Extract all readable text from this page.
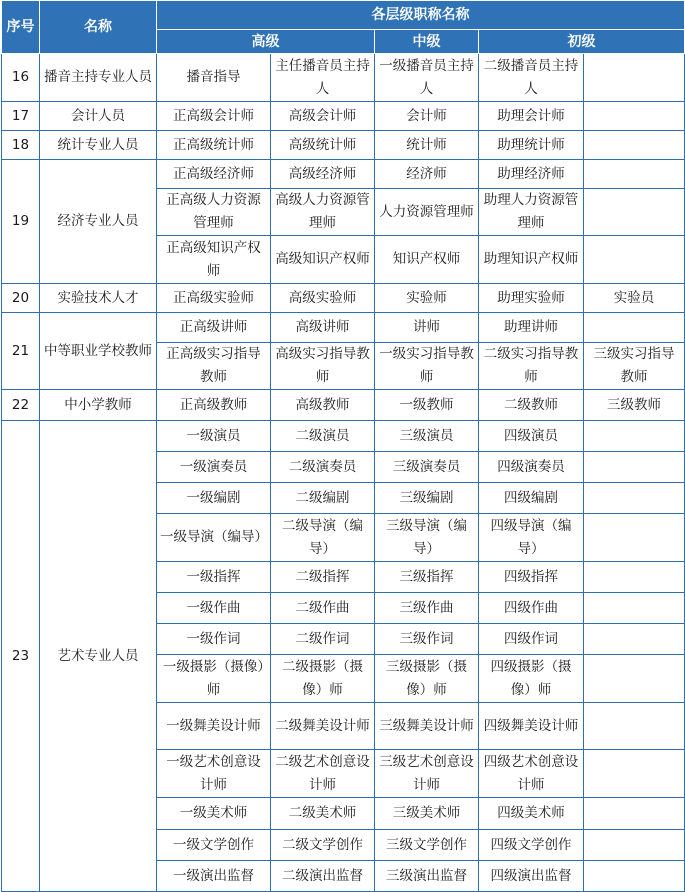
序号	名称	各层级职称名称				
		高级		中级	初级	
16	播音主持专业人员	播音指导	主任播音员主持人	一级播音员主持人	二级播音员主持人	
17	会计人员	正高级会计师	高级会计师	会计师	助理会计师	
18	统计专业人员	正高级统计师	高级统计师	统计师	助理统计师	
19	经济专业人员	正高级经济师	高级经济师	经济师	助理经济师	
		正高级人力资源管理师	高级人力资源管理师	人力资源管理师	助理人力资源管理师	
		正高级知识产权师	高级知识产权师	知识产权师	助理知识产权师	
20	实验技术人才	正高级实验师	高级实验师	实验师	助理实验师	实验员
21	中等职业学校教师	正高级讲师	高级讲师	讲师	助理讲师	
		正高级实习指导教师	高级实习指导教师	一级实习指导教师	二级实习指导教师	三级实习指导教师
22	中小学教师	正高级教师	高级教师	一级教师	二级教师	三级教师
23	艺术专业人员	一级演员	二级演员	三级演员	四级演员	
		一级演奏员	二级演奏员	三级演奏员	四级演奏员	
		一级编剧	二级编剧	三级编剧	四级编剧	
		一级导演（编导）	二级导演（编导）	三级导演（编导）	四级导演（编导）	
		一级指挥	二级指挥	三级指挥	四级指挥	
		一级作曲	二级作曲	三级作曲	四级作曲	
		一级作词	二级作词	三级作词	四级作词	
		一级摄影（摄像）师	二级摄影（摄像）师	三级摄影（摄像）师	四级摄影（摄像）师	
		一级舞美设计师	二级舞美设计师	三级舞美设计师	四级舞美设计师	
		一级艺术创意设计师	二级艺术创意设计师	三级艺术创意设计师	四级艺术创意设计师	
		一级美术师	二级美术师	三级美术师	四级美术师	
		一级文学创作	二级文学创作	三级文学创作	四级文学创作	
		一级演出监督	二级演出监督	三级演出监督	四级演出监督	
